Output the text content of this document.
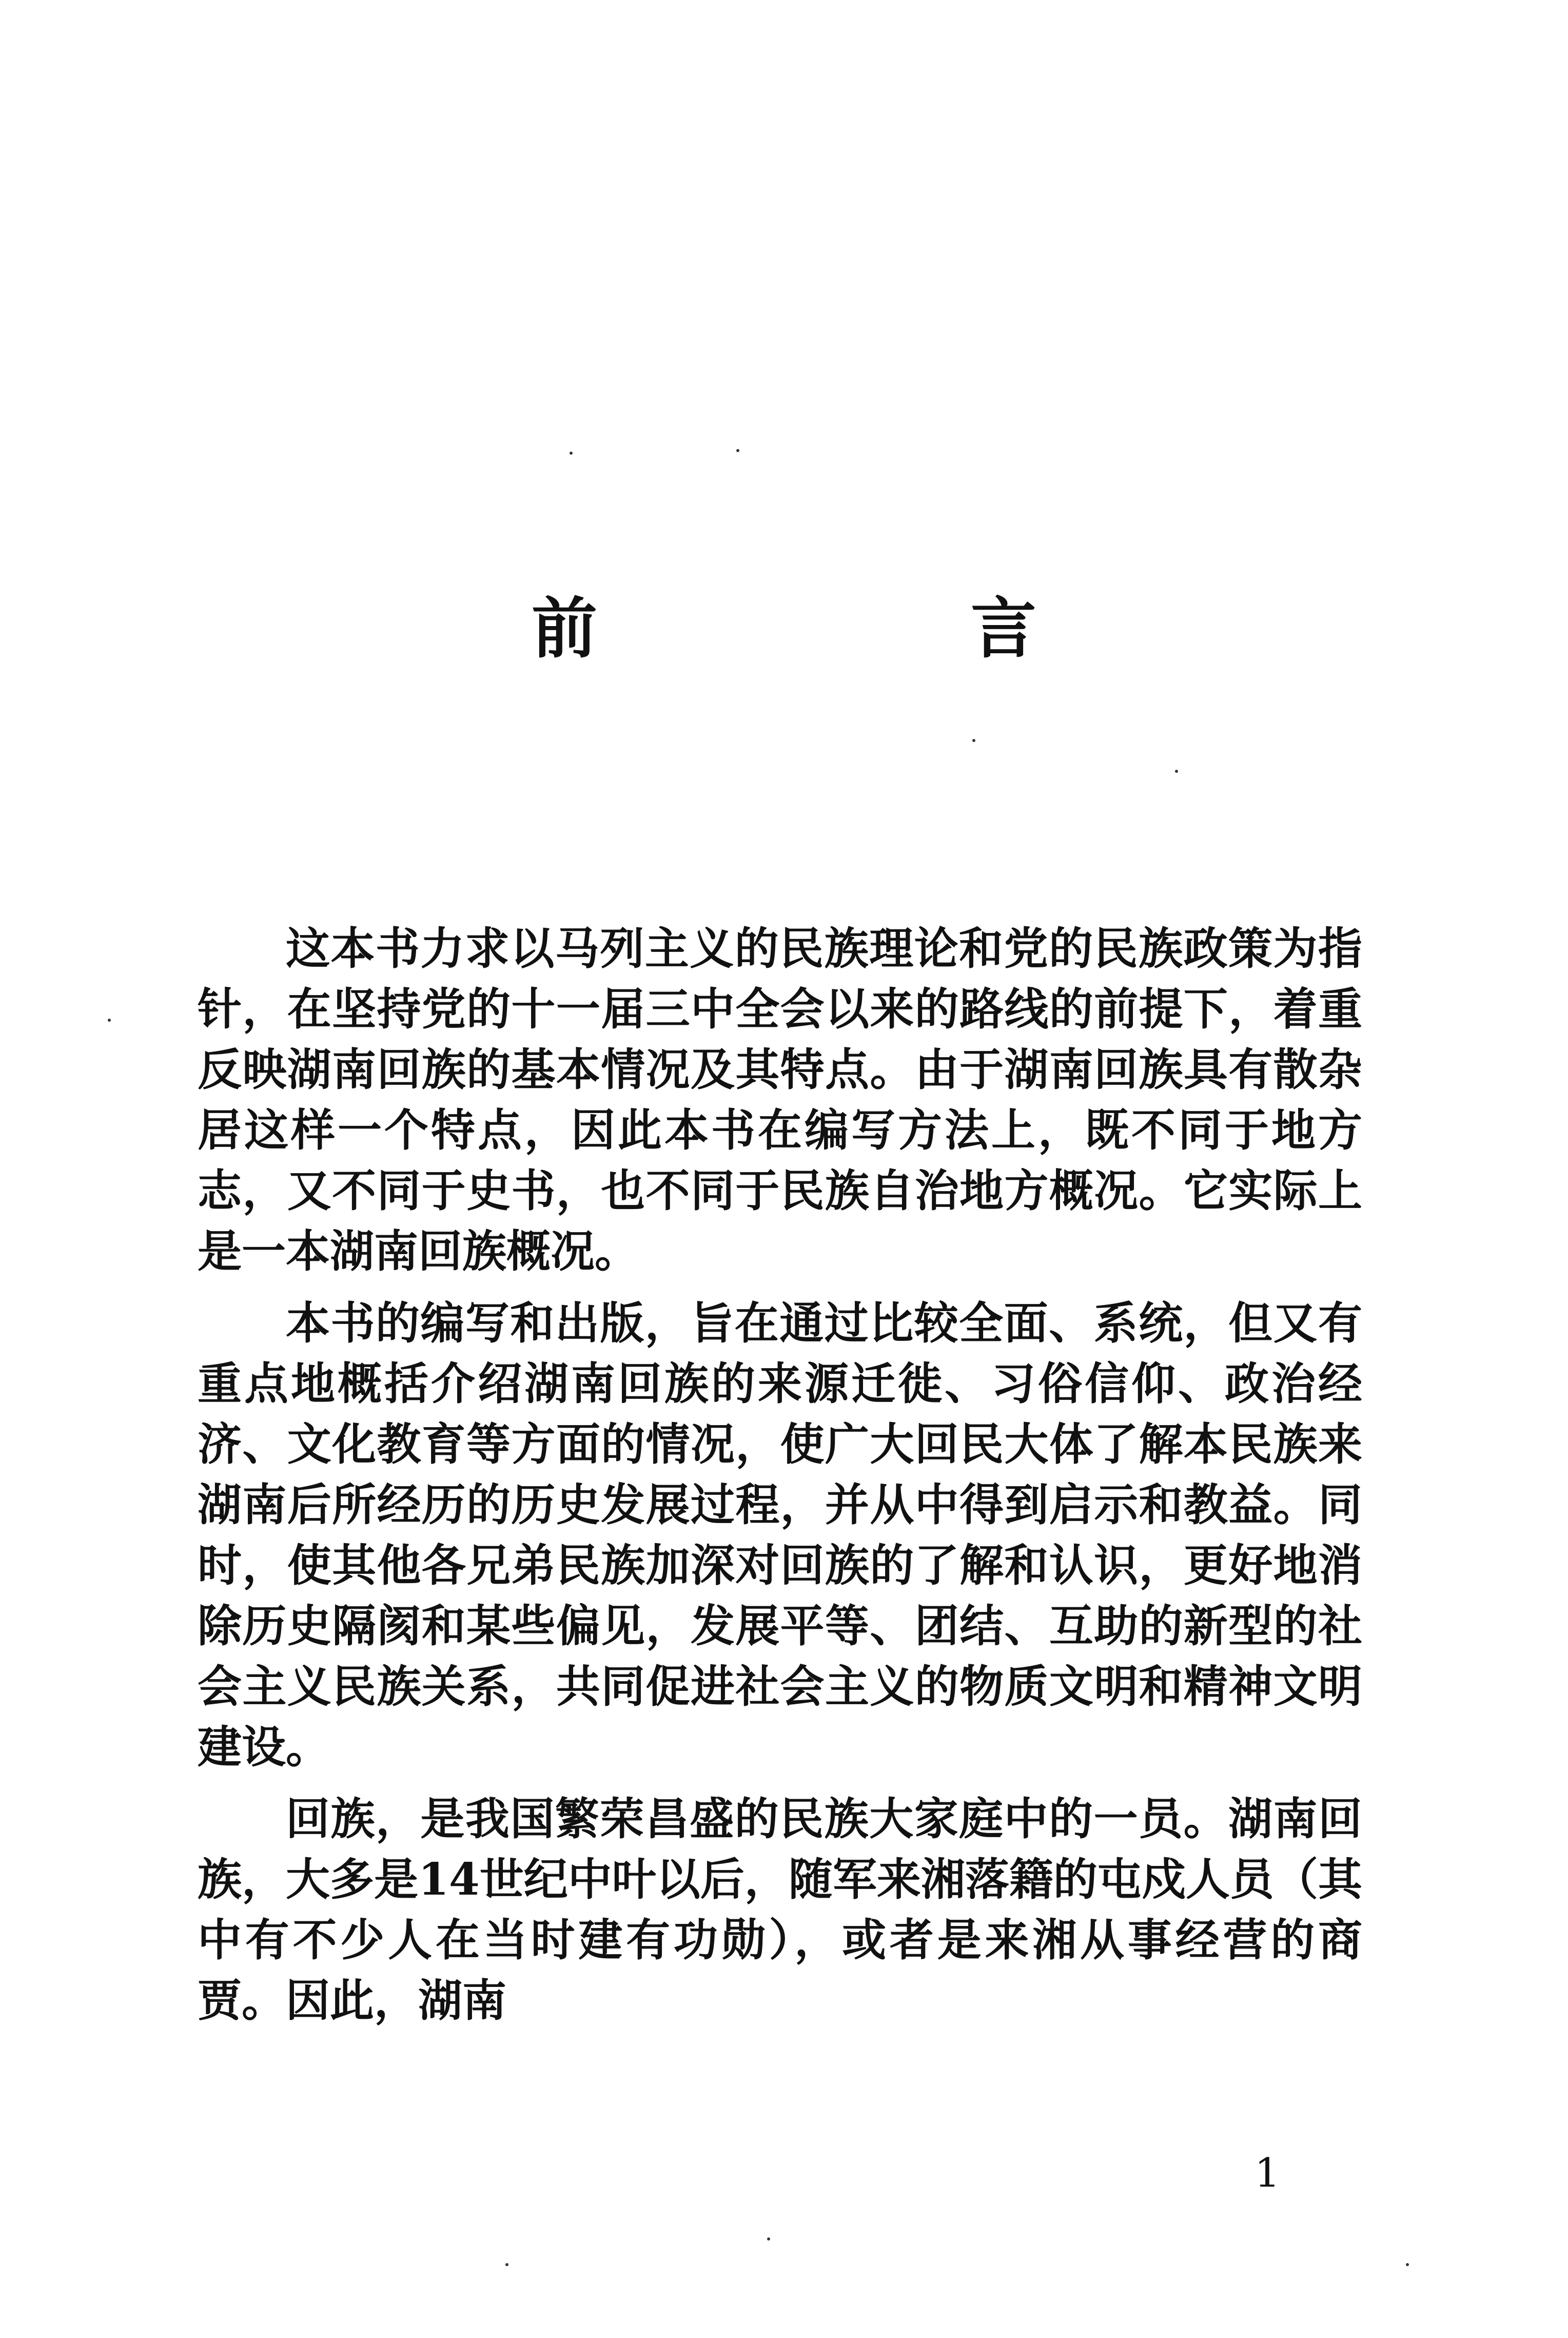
前　言

这本书力求以马列主义的民族理论和党的民族政策为指针，在坚持党的十一届三中全会以来的路线的前提下，着重反映湖南回族的基本情况及其特点。由于湖南回族具有散杂居这样一个特点，因此本书在编写方法上，既不同于地方志，又不同于史书，也不同于民族自治地方概况。它实际上是一本湖南回族概况。

本书的编写和出版，旨在通过比较全面、系统，但又有重点地概括介绍湖南回族的来源迁徙、习俗信仰、政治经济、文化教育等方面的情况，使广大回民大体了解本民族来湖南后所经历的历史发展过程，并从中得到启示和教益。同时，使其他各兄弟民族加深对回族的了解和认识，更好地消除历史隔阂和某些偏见，发展平等、团结、互助的新型的社会主义民族关系，共同促进社会主义的物质文明和精神文明建设。

回族，是我国繁荣昌盛的民族大家庭中的一员。湖南回族，大多是14世纪中叶以后，随军来湘落籍的屯戍人员（其中有不少人在当时建有功勋），或者是来湘从事经营的商贾。因此，湖南

1
